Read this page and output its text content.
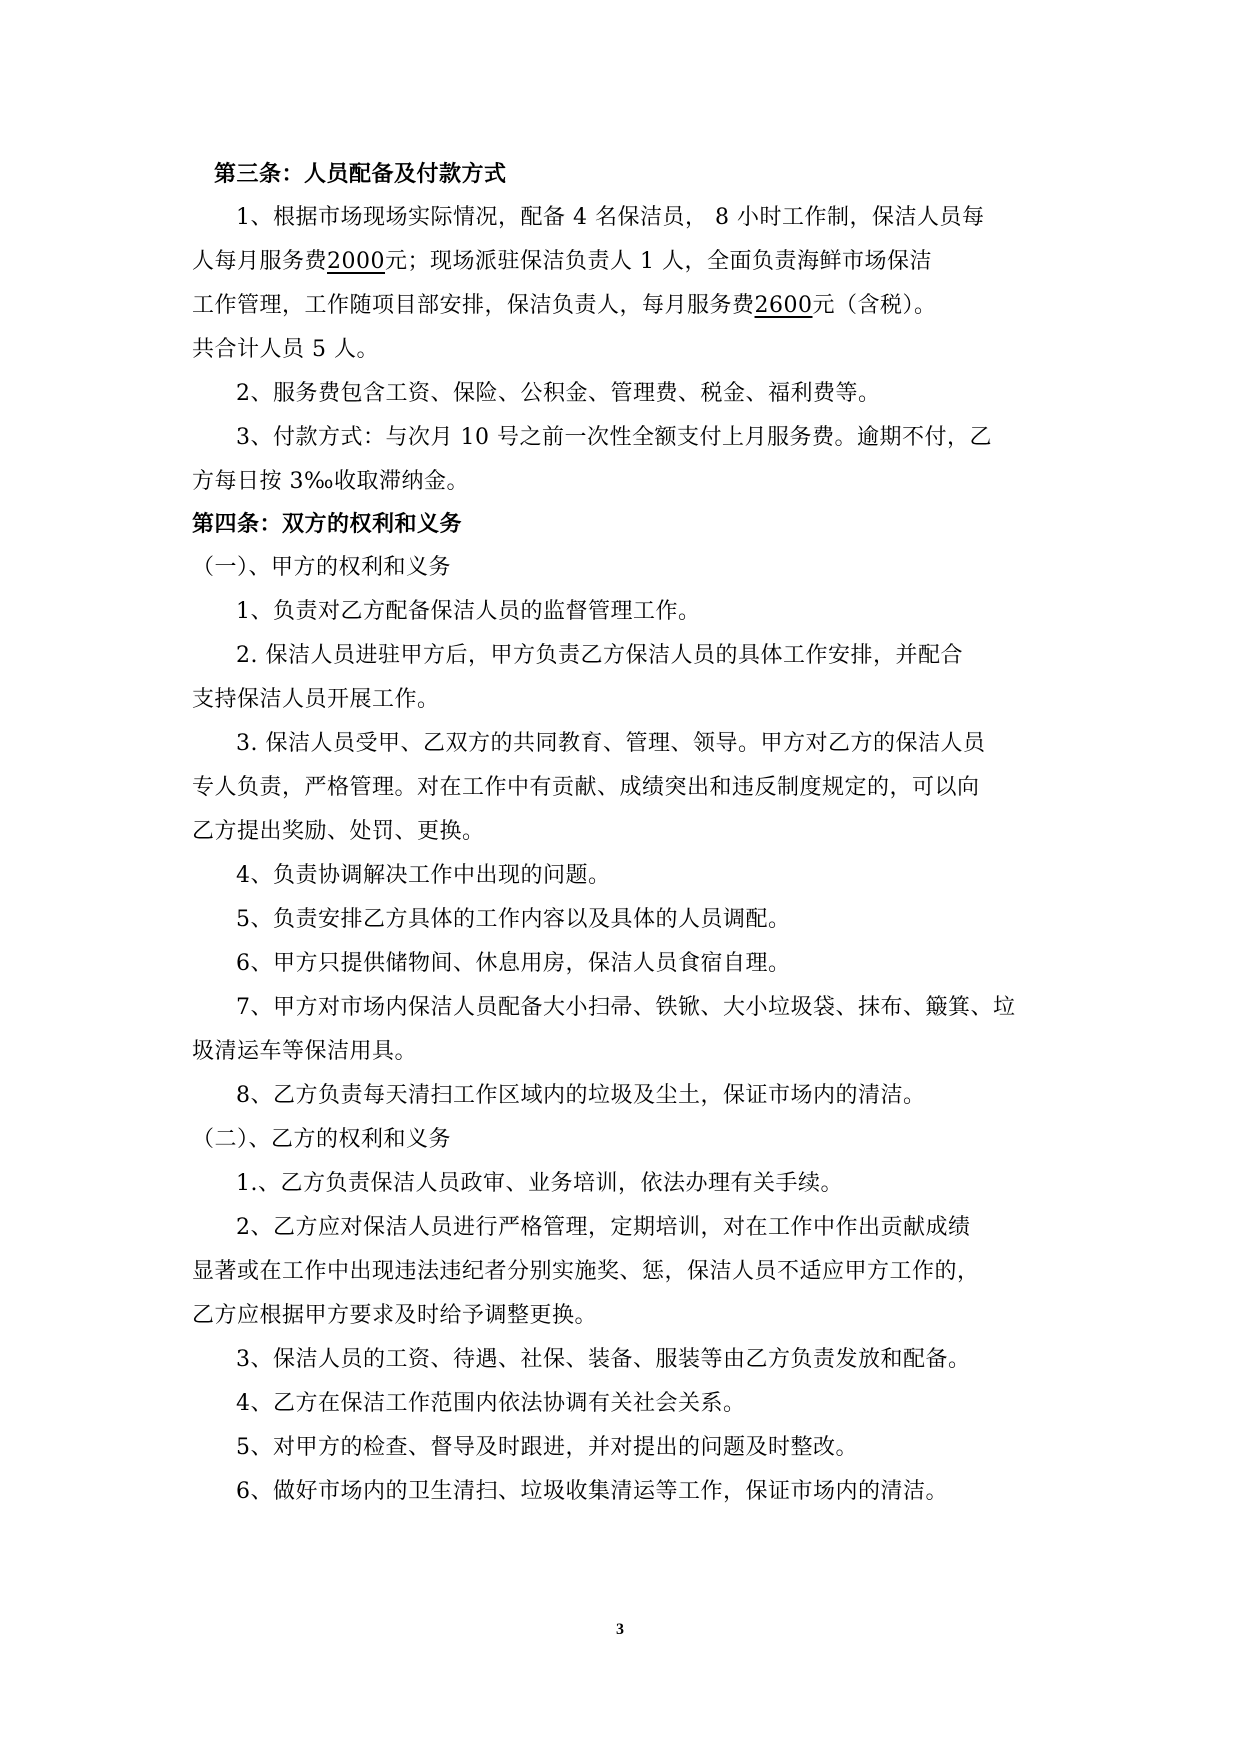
第三条：人员配备及付款方式
1、根据市场现场实际情况，配备 4 名保洁员， 8 小时工作制，保洁人员每
人每月服务费2000元；现场派驻保洁负责人 1 人，全面负责海鲜市场保洁
工作管理，工作随项目部安排，保洁负责人，每月服务费2600元（含税）。
共合计人员 5 人。
2、服务费包含工资、保险、公积金、管理费、税金、福利费等。
3、付款方式：与次月 10 号之前一次性全额支付上月服务费。逾期不付，乙
方每日按 3‰收取滞纳金。
第四条：双方的权利和义务
（一）、甲方的权利和义务
1、负责对乙方配备保洁人员的监督管理工作。
2. 保洁人员进驻甲方后，甲方负责乙方保洁人员的具体工作安排，并配合
支持保洁人员开展工作。
3. 保洁人员受甲、乙双方的共同教育、管理、领导。甲方对乙方的保洁人员
专人负责，严格管理。对在工作中有贡献、成绩突出和违反制度规定的，可以向
乙方提出奖励、处罚、更换。
4、负责协调解决工作中出现的问题。
5、负责安排乙方具体的工作内容以及具体的人员调配。
6、甲方只提供储物间、休息用房，保洁人员食宿自理。
7、甲方对市场内保洁人员配备大小扫帚、铁锨、大小垃圾袋、抹布、簸箕、垃
圾清运车等保洁用具。
8、乙方负责每天清扫工作区域内的垃圾及尘土，保证市场内的清洁。
（二）、乙方的权利和义务
1.、乙方负责保洁人员政审、业务培训，依法办理有关手续。
2、乙方应对保洁人员进行严格管理，定期培训，对在工作中作出贡献成绩
显著或在工作中出现违法违纪者分别实施奖、惩，保洁人员不适应甲方工作的，
乙方应根据甲方要求及时给予调整更换。
3、保洁人员的工资、待遇、社保、装备、服装等由乙方负责发放和配备。
4、乙方在保洁工作范围内依法协调有关社会关系。
5、对甲方的检查、督导及时跟进，并对提出的问题及时整改。
6、做好市场内的卫生清扫、垃圾收集清运等工作，保证市场内的清洁。
3
